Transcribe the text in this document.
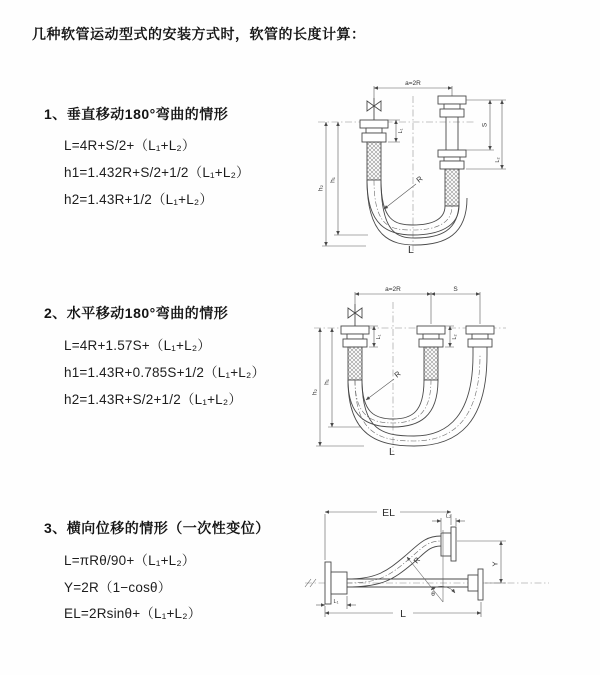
几种软管运动型式的安装方式时，软管的长度计算：
1、垂直移动180°弯曲的情形
L=4R+S/2+（L₁+L₂）
h1=1.432R+S/2+1/2（L₁+L₂）
h2=1.43R+1/2（L₁+L₂）
2、水平移动180°弯曲的情形
L=4R+1.57S+（L₁+L₂）
h1=1.43R+0.785S+1/2（L₁+L₂）
h2=1.43R+S/2+1/2（L₁+L₂）
3、横向位移的情形（一次性变位）
L=πRθ/90+（L₁+L₂）
Y=2R（1−cosθ）
EL=2Rsinθ+（L₁+L₂）
a=2R
h₂
h₁
L₁
S
L₂
R
L
a=2R	S
h₂
h₁
L₁	L₂
R
L
θ
EL	L₂
Y
R
L
L₁
